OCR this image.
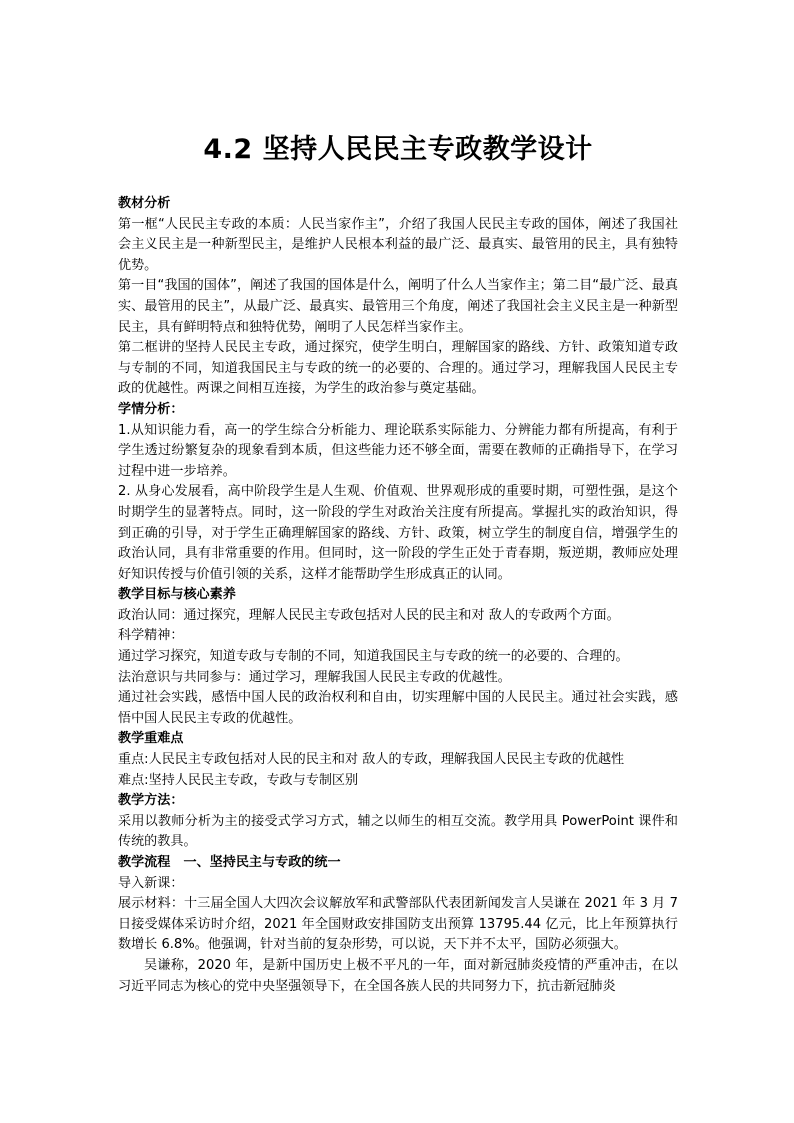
4.2 坚持人民民主专政教学设计

教材分析

第一框“人民民主专政的本质：人民当家作主”，介绍了我国人民民主专政的国体，阐述了我国社会主义民主是一种新型民主，是维护人民根本利益的最广泛、最真实、最管用的民主，具有独特优势。

第一目“我国的国体”，阐述了我国的国体是什么，阐明了什么人当家作主；第二目“最广泛、最真实、最管用的民主”，从最广泛、最真实、最管用三个角度，阐述了我国社会主义民主是一种新型民主，具有鲜明特点和独特优势，阐明了人民怎样当家作主。

第二框讲的坚持人民民主专政，通过探究，使学生明白，理解国家的路线、方针、政策知道专政与专制的不同，知道我国民主与专政的统一的必要的、合理的。通过学习，理解我国人民民主专政的优越性。两课之间相互连接，为学生的政治参与奠定基础。

学情分析：

1.从知识能力看，高一的学生综合分析能力、理论联系实际能力、分辨能力都有所提高，有利于学生透过纷繁复杂的现象看到本质，但这些能力还不够全面，需要在教师的正确指导下，在学习过程中进一步培养。

2. 从身心发展看，高中阶段学生是人生观、价值观、世界观形成的重要时期，可塑性强，是这个时期学生的显著特点。同时，这一阶段的学生对政治关注度有所提高。掌握扎实的政治知识，得到正确的引导，对于学生正确理解国家的路线、方针、政策，树立学生的制度自信，增强学生的政治认同，具有非常重要的作用。但同时，这一阶段的学生正处于青春期，叛逆期，教师应处理好知识传授与价值引领的关系，这样才能帮助学生形成真正的认同。

教学目标与核心素养

政治认同：通过探究，理解人民民主专政包括对人民的民主和对 敌人的专政两个方面。

科学精神：

通过学习探究，知道专政与专制的不同，知道我国民主与专政的统一的必要的、合理的。

法治意识与共同参与：通过学习，理解我国人民民主专政的优越性。

通过社会实践，感悟中国人民的政治权利和自由，切实理解中国的人民民主。通过社会实践，感悟中国人民民主专政的优越性。

教学重难点

重点:人民民主专政包括对人民的民主和对 敌人的专政，理解我国人民民主专政的优越性

难点:坚持人民民主专政，专政与专制区别

教学方法：

采用以教师分析为主的接受式学习方式，辅之以师生的相互交流。教学用具 PowerPoint 课件和传统的教具。

教学流程　一、坚持民主与专政的统一

导入新课：

展示材料：十三届全国人大四次会议解放军和武警部队代表团新闻发言人吴谦在 2021 年 3 月 7 日接受媒体采访时介绍，2021 年全国财政安排国防支出预算 13795.44 亿元，比上年预算执行数增长 6.8%。他强调，针对当前的复杂形势，可以说，天下并不太平，国防必须强大。

吴谦称，2020 年，是新中国历史上极不平凡的一年，面对新冠肺炎疫情的严重冲击，在以习近平同志为核心的党中央坚强领导下，在全国各族人民的共同努力下，抗击新冠肺炎
